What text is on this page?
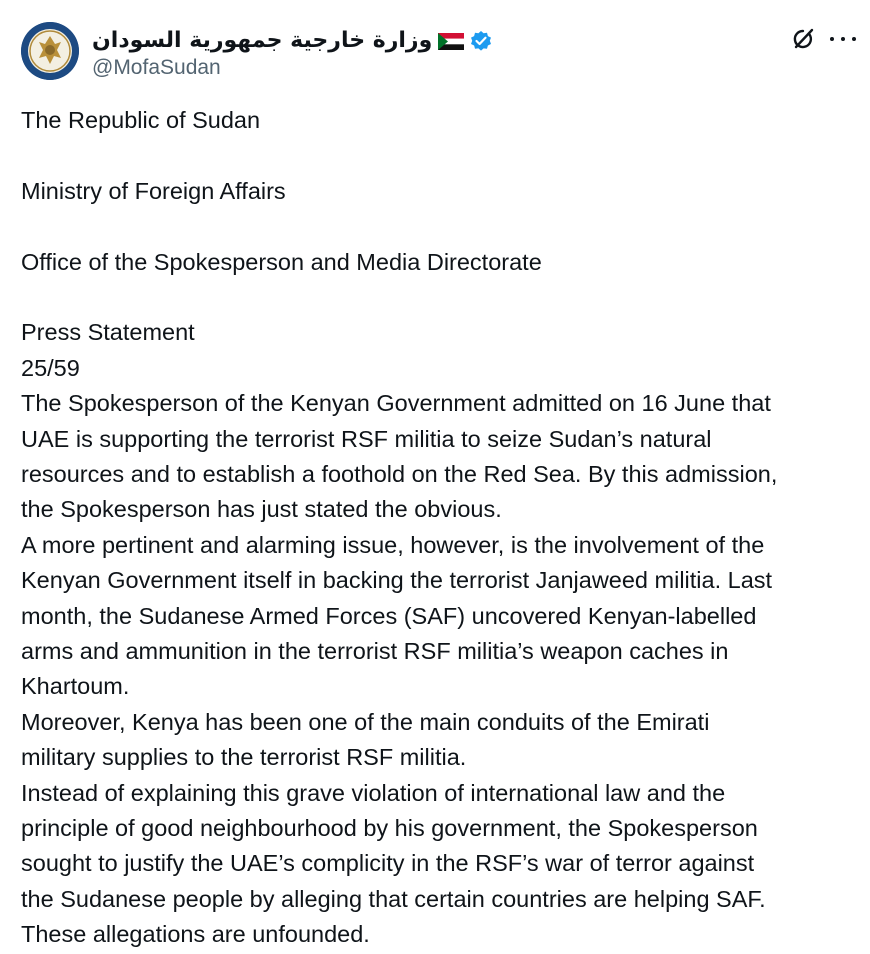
وزارة خارجية جمهورية السودان
@MofaSudan

The Republic of Sudan

Ministry of Foreign Affairs

Office of the Spokesperson and Media Directorate

Press Statement

25/59

The Spokesperson of the Kenyan Government admitted on 16 June that

UAE is supporting the terrorist RSF militia to seize Sudan’s natural

resources and to establish a foothold on the Red Sea. By this admission,

the Spokesperson has just stated the obvious.

A more pertinent and alarming issue, however, is the involvement of the

Kenyan Government itself in backing the terrorist Janjaweed militia. Last

month, the Sudanese Armed Forces (SAF) uncovered Kenyan-labelled

arms and ammunition in the terrorist RSF militia’s weapon caches in

Khartoum.

Moreover, Kenya has been one of the main conduits of the Emirati

military supplies to the terrorist RSF militia.

Instead of explaining this grave violation of international law and the

principle of good neighbourhood by his government, the Spokesperson

sought to justify the UAE’s complicity in the RSF’s war of terror against

the Sudanese people by alleging that certain countries are helping SAF.

These allegations are unfounded.
